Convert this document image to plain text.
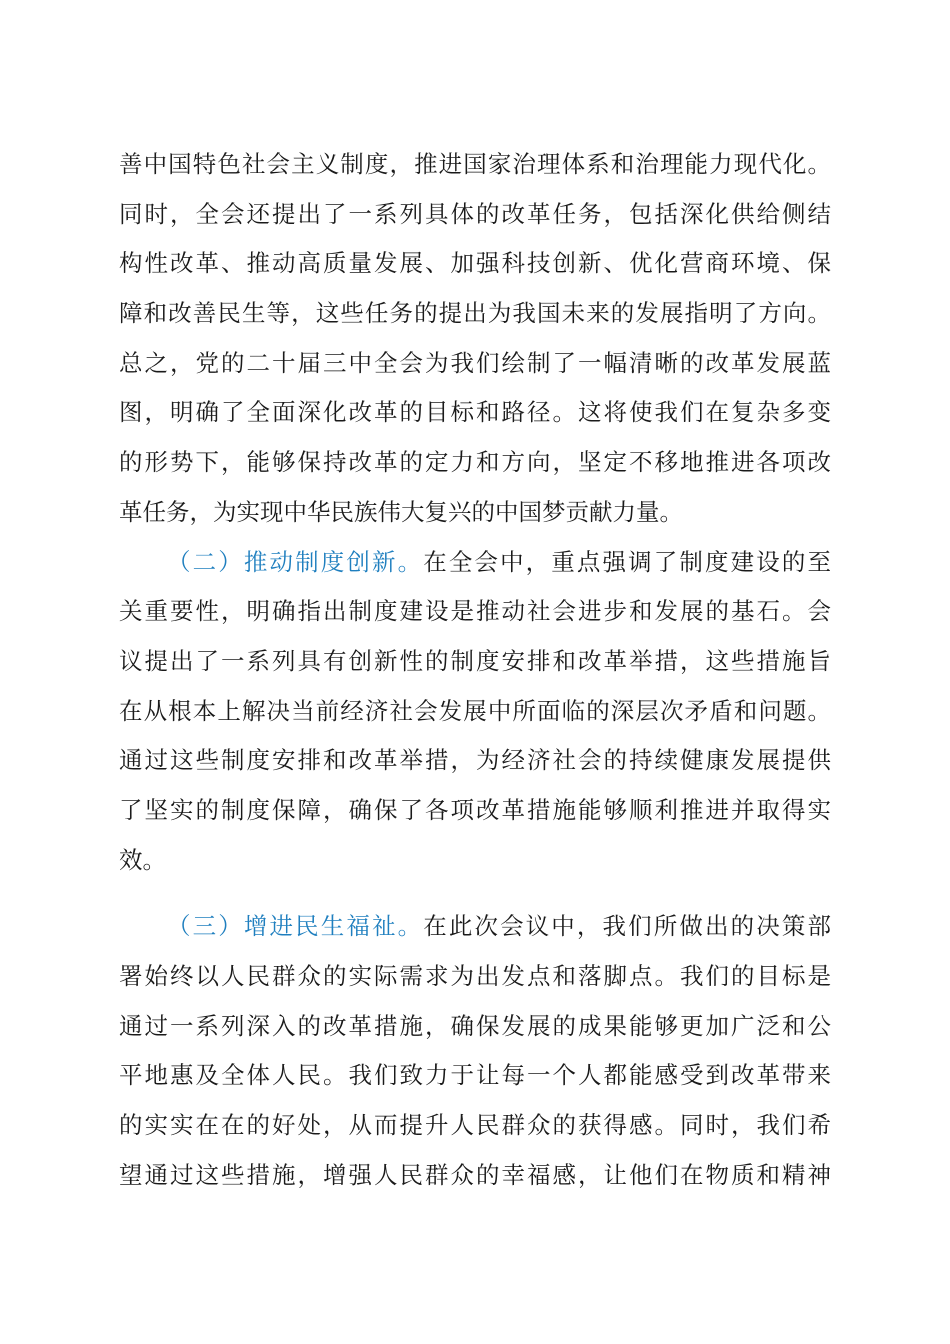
善中国特色社会主义制度，推进国家治理体系和治理能力现代化。
同时，全会还提出了一系列具体的改革任务，包括深化供给侧结
构性改革、推动高质量发展、加强科技创新、优化营商环境、保
障和改善民生等，这些任务的提出为我国未来的发展指明了方向。
总之，党的二十届三中全会为我们绘制了一幅清晰的改革发展蓝
图，明确了全面深化改革的目标和路径。这将使我们在复杂多变
的形势下，能够保持改革的定力和方向，坚定不移地推进各项改
革任务，为实现中华民族伟大复兴的中国梦贡献力量。
（二）推动制度创新。在全会中，重点强调了制度建设的至
关重要性，明确指出制度建设是推动社会进步和发展的基石。会
议提出了一系列具有创新性的制度安排和改革举措，这些措施旨
在从根本上解决当前经济社会发展中所面临的深层次矛盾和问题。
通过这些制度安排和改革举措，为经济社会的持续健康发展提供
了坚实的制度保障，确保了各项改革措施能够顺利推进并取得实
效。
（三）增进民生福祉。在此次会议中，我们所做出的决策部
署始终以人民群众的实际需求为出发点和落脚点。我们的目标是
通过一系列深入的改革措施，确保发展的成果能够更加广泛和公
平地惠及全体人民。我们致力于让每一个人都能感受到改革带来
的实实在在的好处，从而提升人民群众的获得感。同时，我们希
望通过这些措施，增强人民群众的幸福感，让他们在物质和精神
